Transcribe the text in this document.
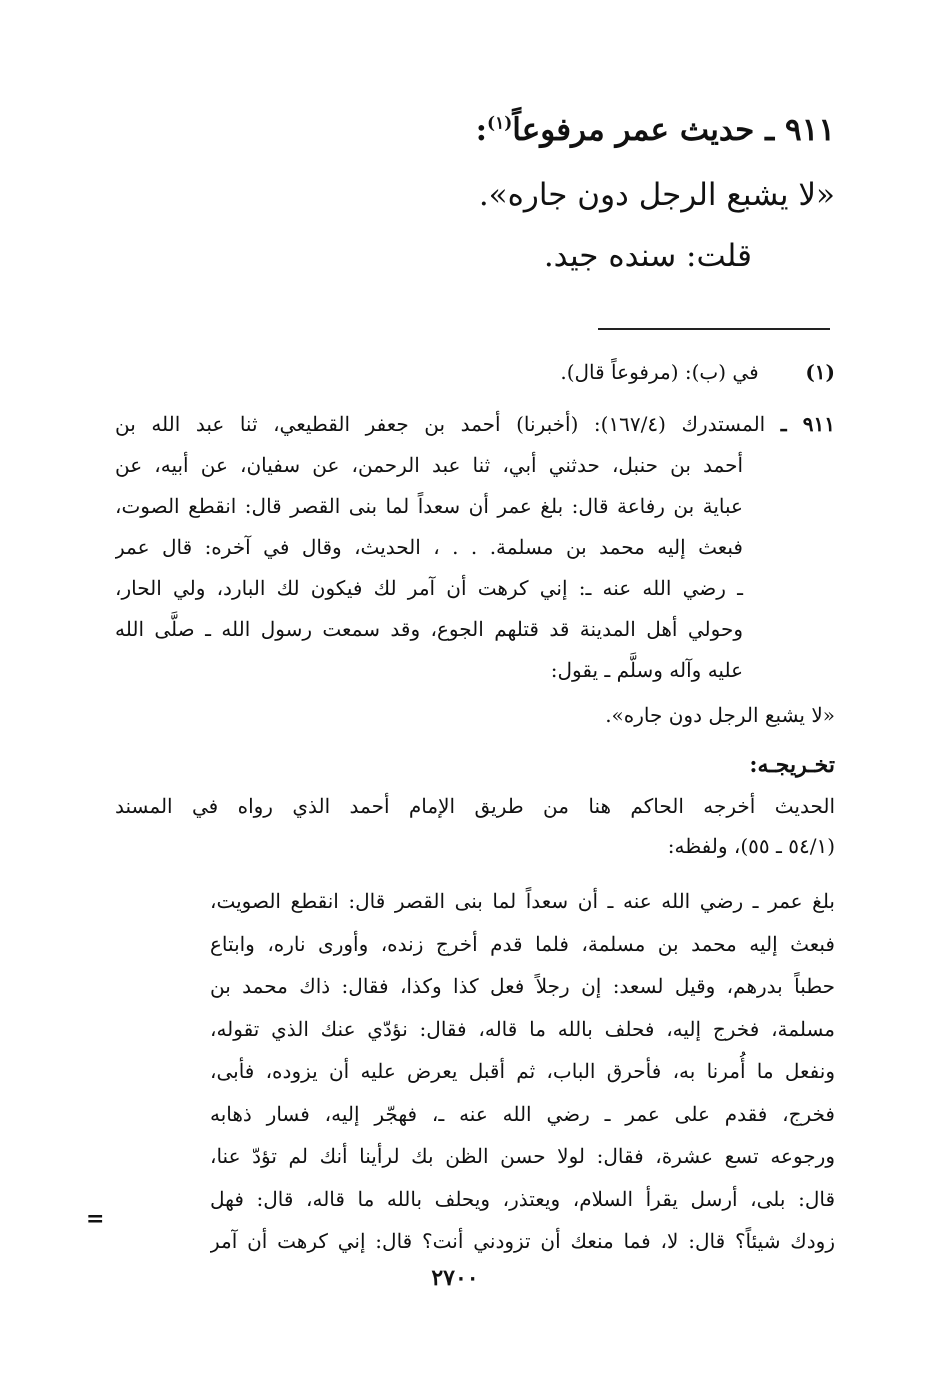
٩١١ ـ حديث عمر مرفوعاً$^{(١)}$:
«لا يشبع الرجل دون جاره».
قلت: سنده جيد.
(١) في (ب): (مرفوعاً قال).
٩١١ ـ المستدرك (١٦٧/٤): (أخبرنا) أحمد بن جعفر القطيعي، ثنا عبد الله بن
أحمد بن حنبل، حدثني أبي، ثنا عبد الرحمن، عن سفيان، عن أبيه، عن
عباية بن رفاعة قال: بلغ عمر أن سعداً لما بنى القصر قال: انقطع الصوت،
فبعث إليه محمد بن مسلمة. . . ، الحديث، وقال في آخره: قال عمر
ـ رضي الله عنه ـ: إني كرهت أن آمر لك فيكون لك البارد، ولي الحار،
وحولي أهل المدينة قد قتلهم الجوع، وقد سمعت رسول الله ـ صلَّى الله
عليه وآله وسلَّم ـ يقول:
«لا يشبع الرجل دون جاره».
تخـريجـه:
الحديث أخرجه الحاكم هنا من طريق الإمام أحمد الذي رواه في المسند
(٥٤/١ ـ ٥٥)، ولفظه:
بلغ عمر ـ رضي الله عنه ـ أن سعداً لما بنى القصر قال: انقطع الصويت،
فبعث إليه محمد بن مسلمة، فلما قدم أخرج زنده، وأورى ناره، وابتاع
حطباً بدرهم، وقيل لسعد: إن رجلاً فعل كذا وكذا، فقال: ذاك محمد بن
مسلمة، فخرج إليه، فحلف بالله ما قاله، فقال: نؤدّي عنك الذي تقوله،
ونفعل ما أُمرنا به، فأحرق الباب، ثم أقبل يعرض عليه أن يزوده، فأبى،
فخرج، فقدم على عمر ـ رضي الله عنه ـ، فهجّر إليه، فسار ذهابه
ورجوعه تسع عشرة، فقال: لولا حسن الظن بك لرأينا أنك لم تؤدّ عنا،
قال: بلى، أرسل يقرأ السلام، ويعتذر، ويحلف بالله ما قاله، قال: فهل
زودك شيئاً؟ قال: لا، فما منعك أن تزودني أنت؟ قال: إني كرهت أن آمر
=
٢٧٠٠
